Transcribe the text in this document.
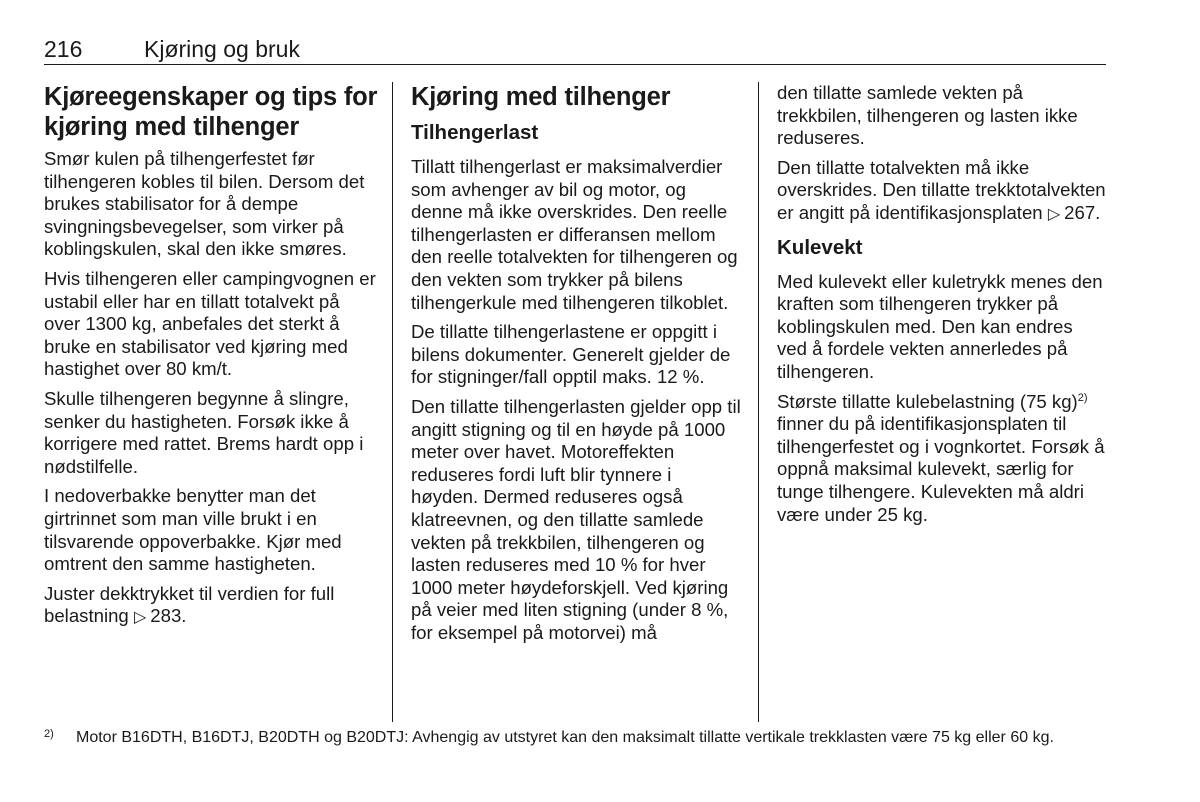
216	Kjøring og bruk
Kjøreegenskaper og tips for kjøring med tilhenger

Smør kulen på tilhengerfestet før tilhengeren kobles til bilen. Dersom det brukes stabilisator for å dempe svingningsbevegelser, som virker på koblingskulen, skal den ikke smøres.

Hvis tilhengeren eller campingvognen er ustabil eller har en tillatt totalvekt på over 1300 kg, anbefales det sterkt å bruke en stabilisator ved kjøring med hastighet over 80 km/t.

Skulle tilhengeren begynne å slingre, senker du hastigheten. Forsøk ikke å korrigere med rattet. Brems hardt opp i nødstilfelle.

I nedoverbakke benytter man det girtrinnet som man ville brukt i en tilsvarende oppoverbakke. Kjør med omtrent den samme hastigheten.

Juster dekktrykket til verdien for full belastning ▷ 283.

Kjøring med tilhenger
Tilhengerlast

Tillatt tilhengerlast er maksimalverdier som avhenger av bil og motor, og denne må ikke overskrides. Den reelle tilhengerlasten er differansen mellom den reelle totalvekten for tilhengeren og den vekten som trykker på bilens tilhengerkule med tilhengeren tilkoblet.

De tillatte tilhengerlastene er oppgitt i bilens dokumenter. Generelt gjelder de for stigninger/fall opptil maks. 12 %.

Den tillatte tilhengerlasten gjelder opp til angitt stigning og til en høyde på 1000 meter over havet. Motoreffekten reduseres fordi luft blir tynnere i høyden. Dermed reduseres også klatreevnen, og den tillatte samlede vekten på trekkbilen, tilhengeren og lasten reduseres med 10 % for hver 1000 meter høydeforskjell. Ved kjøring på veier med liten stigning (under 8 %, for eksempel på motorvei) må

den tillatte samlede vekten på trekkbilen, tilhengeren og lasten ikke reduseres.

Den tillatte totalvekten må ikke overskrides. Den tillatte trekktotalvekten er angitt på identifikasjonsplaten ▷ 267.

Kulevekt

Med kulevekt eller kuletrykk menes den kraften som tilhengeren trykker på koblingskulen med. Den kan endres ved å fordele vekten annerledes på tilhengeren.

Største tillatte kulebelastning (75 kg)$^{2)}$ finner du på identifikasjonsplaten til tilhengerfestet og i vognkortet. Forsøk å oppnå maksimal kulevekt, særlig for tunge tilhengere. Kulevekten må aldri være under 25 kg.

2) Motor B16DTH, B16DTJ, B20DTH og B20DTJ: Avhengig av utstyret kan den maksimalt tillatte vertikale trekklasten være 75 kg eller 60 kg.
